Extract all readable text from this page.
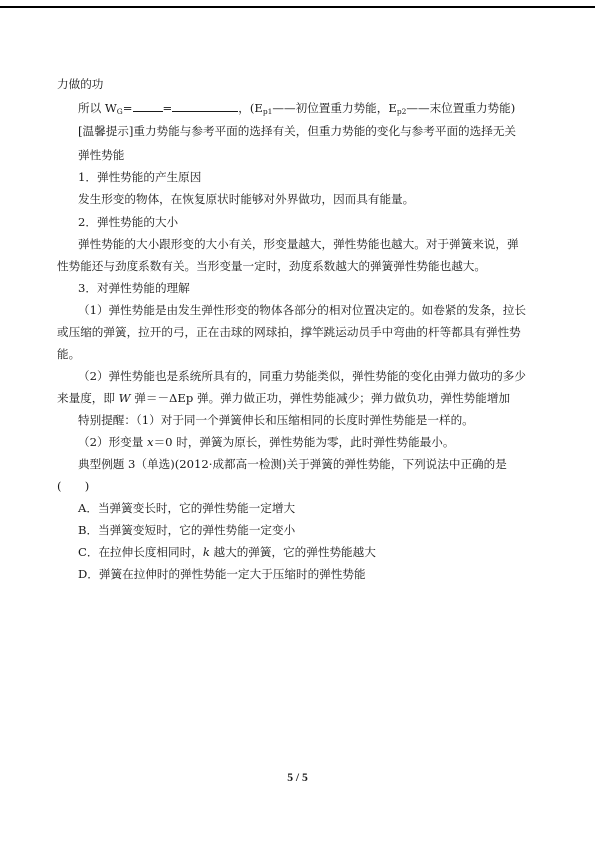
力做的功
所以 $W_G=$	=	，($E_{p1}——$初位置重力势能，$E_{p2}——$末位置重力势能)
[温馨提示]重力势能与参考平面的选择有关，但重力势能的变化与参考平面的选择无关
弹性势能
1．弹性势能的产生原因
发生形变的物体，在恢复原状时能够对外界做功，因而具有能量。
2．弹性势能的大小
弹性势能的大小跟形变的大小有关，形变量越大，弹性势能也越大。对于弹簧来说，弹
性势能还与劲度系数有关。当形变量一定时，劲度系数越大的弹簧弹性势能也越大。
3．对弹性势能的理解
（1）弹性势能是由发生弹性形变的物体各部分的相对位置决定的。如卷紧的发条，拉长
或压缩的弹簧，拉开的弓，正在击球的网球拍，撑竿跳运动员手中弯曲的杆等都具有弹性势
能。
（2）弹性势能也是系统所具有的，同重力势能类似，弹性势能的变化由弹力做功的多少
来量度，即 W 弹＝－ΔEp 弹。弹力做正功，弹性势能减少；弹力做负功，弹性势能增加
特别提醒：（1）对于同一个弹簧伸长和压缩相同的长度时弹性势能是一样的。
（2）形变量 x＝0 时，弹簧为原长，弹性势能为零，此时弹性势能最小。
典型例题 3（单选)(2012·成都高一检测)关于弹簧的弹性势能，下列说法中正确的是
(　　)
A．当弹簧变长时，它的弹性势能一定增大
B．当弹簧变短时，它的弹性势能一定变小
C．在拉伸长度相同时，k 越大的弹簧，它的弹性势能越大
D．弹簧在拉伸时的弹性势能一定大于压缩时的弹性势能
5 / 5
